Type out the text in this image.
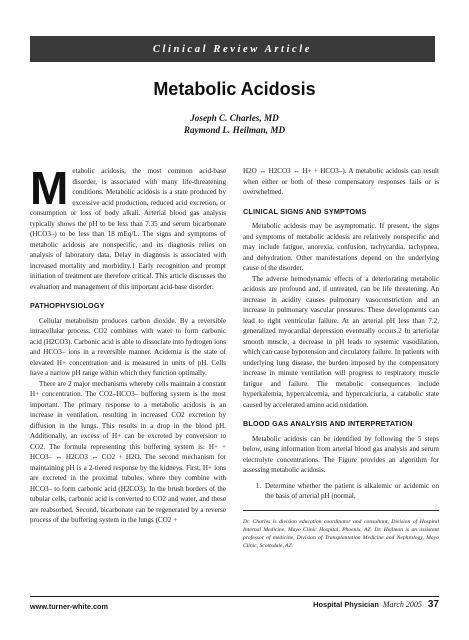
Clinical Review Article
Metabolic Acidosis
Joseph C. Charles, MD
Raymond L. Heilman, MD

Metabolic acidosis, the most common acid-base disorder, is associated with many life-threatening conditions. Metabolic acidosis is a state produced by excessive acid production, reduced acid excretion, or consumption or loss of body alkali. Arterial blood gas analysis typically shows the pH to be less than 7.35 and serum bicarbonate (HCO3–) to be less than 18 mEq/L. The signs and symptoms of metabolic acidosis are nonspecific, and its diagnosis relies on analysis of laboratory data. Delay in diagnosis is associated with increased mortality and morbidity.1 Early recognition and prompt initiation of treatment are therefore critical. This article discusses the evaluation and management of this important acid-base disorder.

PATHOPHYSIOLOGY

Cellular metabolism produces carbon dioxide. By a reversible intracellular process, CO2 combines with water to form carbonic acid (H2CO3). Carbonic acid is able to dissociate into hydrogen ions and HCO3– ions in a reversible manner. Acidemia is the state of elevated H+ concentration and is measured in units of pH. Cells have a narrow pH range within which they function optimally.

There are 2 major mechanisms whereby cells maintain a constant H+ concentration. The CO2–HCO3– buffering system is the most important. The primary response to a metabolic acidosis is an increase in ventilation, resulting in increased CO2 excretion by diffusion in the lungs. This results in a drop in the blood pH. Additionally, an excess of H+ can be excreted by conversion to CO2. The formula representing this buffering system is: H+ + HCO3– ↔ H2CO3 ↔ CO2 + H2O. The second mechanism for maintaining pH is a 2-tiered response by the kidneys. First, H+ ions are excreted in the proximal tubules, where they combine with HCO3– to form carbonic acid (H2CO3). In the brush borders of the tubular cells, carbonic acid is converted to CO2 and water, and these are reabsorbed. Second, bicarbonate can be regenerated by a reverse process of the buffering system in the lungs (CO2 +

H2O ↔ H2CO3 ↔ H+ + HCO3–). A metabolic acidosis can result when either or both of these compensatory responses fails or is overwhelmed.

CLINICAL SIGNS AND SYMPTOMS

Metabolic acidosis may be asymptomatic. If present, the signs and symptoms of metabolic acidosis are relatively nonspecific and may include fatigue, anorexia, confusion, tachycardia, tachypnea, and dehydration. Other manifestations depend on the underlying cause of the disorder.

The adverse hemodynamic effects of a deteriorating metabolic acidosis are profound and, if untreated, can be life threatening. An increase in acidity causes pulmonary vasoconstriction and an increase in pulmonary vascular pressures. These developments can lead to right ventricular failure. At an arterial pH less than 7.2, generalized myocardial depression eventually occurs.2 In arteriolar smooth muscle, a decrease in pH leads to systemic vasodilation, which can cause hypotension and circulatory failure. In patients with underlying lung disease, the burden imposed by the compensatory increase in minute ventilation will progress to respiratory muscle fatigue and failure. The metabolic consequences include hyperkalemia, hypercalcemia, and hypercalciuria, a catabolic state caused by accelerated amino acid oxidation.

BLOOD GAS ANALYSIS AND INTERPRETATION

Metabolic acidosis can be identified by following the 5 steps below, using information from arterial blood gas analysis and serum electrolyte concentrations. The Figure provides an algorithm for assessing metabolic acidosis.

1. Determine whether the patient is alkalemic or acidemic on the basis of arterial pH (normal,
Dr. Charles is division education coordinator and consultant, Division of Hospital Internal Medicine, Mayo Clinic Hospital, Phoenix, AZ. Dr. Heilman is an assistant professor of medicine, Division of Transplantation Medicine and Nephrology, Mayo Clinic, Scottsdale, AZ.
www.turner-white.com	Hospital Physician March 2005 37
